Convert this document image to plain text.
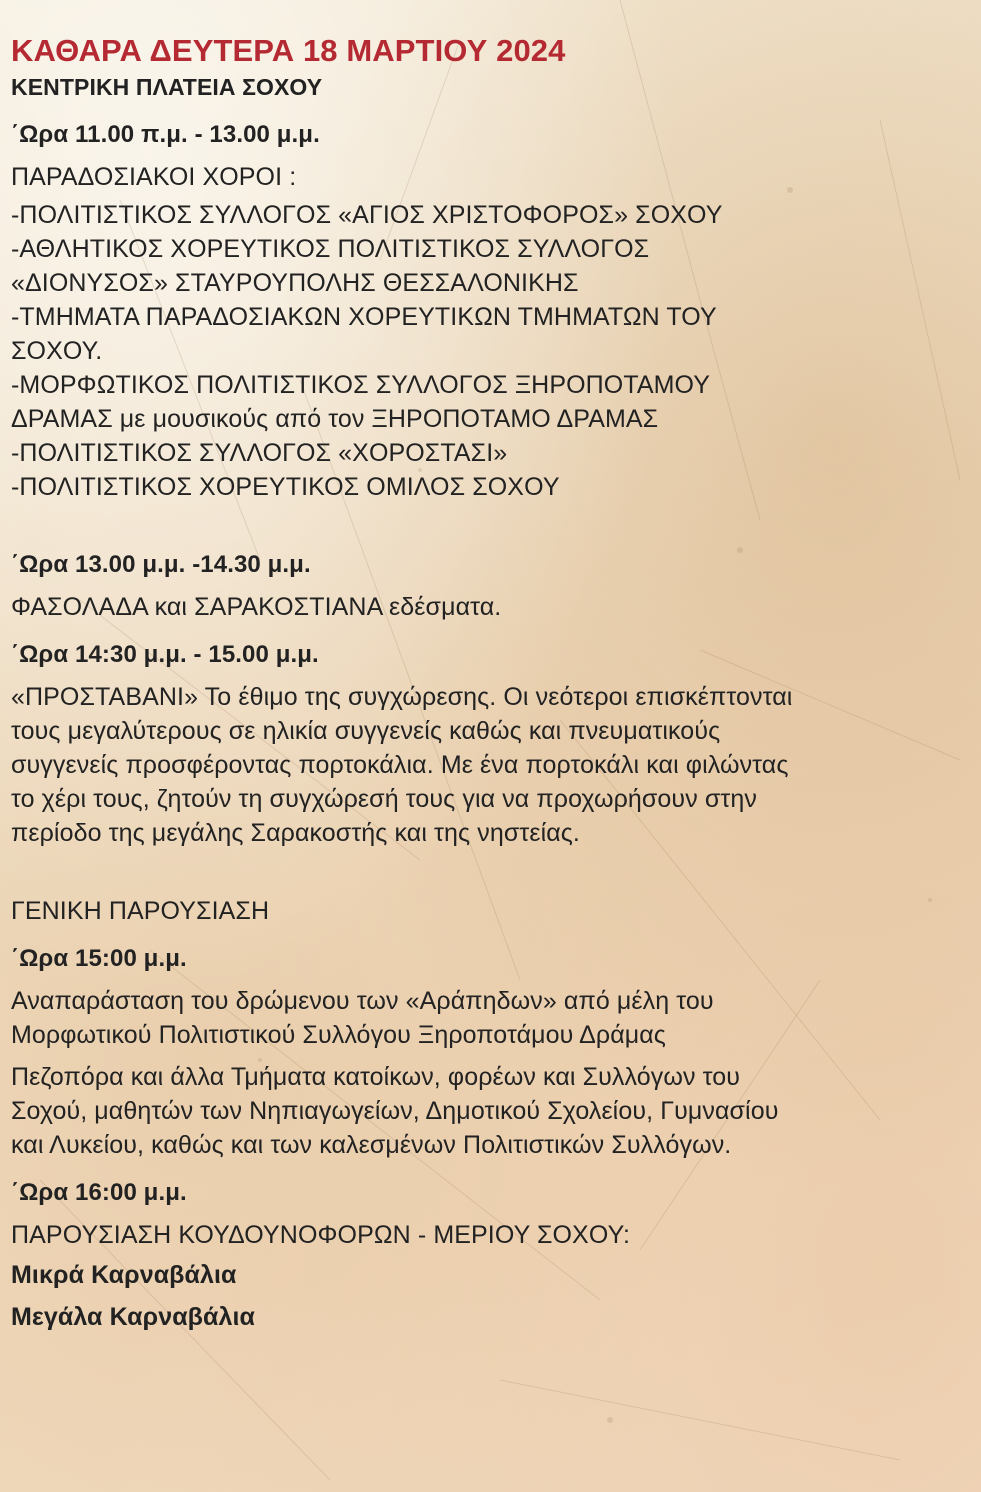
ΚΑΘΑΡΑ ΔΕΥΤΕΡΑ 18 ΜΑΡΤΙΟΥ 2024
ΚΕΝΤΡΙΚΗ ΠΛΑΤΕΙΑ ΣΟΧΟΥ
΄Ωρα 11.00 π.μ. - 13.00 μ.μ.
ΠΑΡΑΔΟΣΙΑΚΟΙ ΧΟΡΟΙ :
-ΠΟΛΙΤΙΣΤΙΚΟΣ ΣΥΛΛΟΓΟΣ «ΑΓΙΟΣ ΧΡΙΣΤΟΦΟΡΟΣ» ΣΟΧΟΥ
-ΑΘΛΗΤΙΚΟΣ ΧΟΡΕΥΤΙΚΟΣ ΠΟΛΙΤΙΣΤΙΚΟΣ ΣΥΛΛΟΓΟΣ
«ΔΙΟΝΥΣΟΣ» ΣΤΑΥΡΟΥΠΟΛΗΣ ΘΕΣΣΑΛΟΝΙΚΗΣ
-ΤΜΗΜΑΤΑ ΠΑΡΑΔΟΣΙΑΚΩΝ ΧΟΡΕΥΤΙΚΩΝ ΤΜΗΜΑΤΩΝ ΤΟΥ
ΣΟΧΟΥ.
-ΜΟΡΦΩΤΙΚΟΣ ΠΟΛΙΤΙΣΤΙΚΟΣ ΣΥΛΛΟΓΟΣ ΞΗΡΟΠΟΤΑΜΟΥ
ΔΡΑΜΑΣ με μουσικούς από τον ΞΗΡΟΠΟΤΑΜΟ ΔΡΑΜΑΣ
-ΠΟΛΙΤΙΣΤΙΚΟΣ ΣΥΛΛΟΓΟΣ «ΧΟΡΟΣΤΑΣΙ»
-ΠΟΛΙΤΙΣΤΙΚΟΣ ΧΟΡΕΥΤΙΚΟΣ ΟΜΙΛΟΣ ΣΟΧΟΥ
΄Ωρα 13.00 μ.μ. -14.30 μ.μ.
ΦΑΣΟΛΑΔΑ και ΣΑΡΑΚΟΣΤΙΑΝΑ εδέσματα.
΄Ωρα 14:30 μ.μ. - 15.00 μ.μ.
«ΠΡΟΣΤΑΒΑΝΙ» Το έθιμο της συγχώρεσης. Οι νεότεροι επισκέπτονται
τους μεγαλύτερους σε ηλικία συγγενείς καθώς και πνευματικούς
συγγενείς προσφέροντας πορτοκάλια. Με ένα πορτοκάλι και φιλώντας
το χέρι τους, ζητούν τη συγχώρεσή τους για να προχωρήσουν στην
περίοδο της μεγάλης Σαρακοστής και της νηστείας.
ΓΕΝΙΚΗ ΠΑΡΟΥΣΙΑΣΗ
΄Ωρα 15:00 μ.μ.
Αναπαράσταση του δρώμενου των «Αράπηδων» από μέλη του
Μορφωτικού Πολιτιστικού Συλλόγου Ξηροποτάμου Δράμας
Πεζοπόρα και άλλα Τμήματα κατοίκων, φορέων και Συλλόγων του
Σοχού, μαθητών των Νηπιαγωγείων, Δημοτικού Σχολείου, Γυμνασίου
και Λυκείου, καθώς και των καλεσμένων Πολιτιστικών Συλλόγων.
΄Ωρα 16:00 μ.μ.
ΠΑΡΟΥΣΙΑΣΗ ΚΟΥΔΟΥΝΟΦΟΡΩΝ - ΜΕΡΙΟΥ ΣΟΧΟΥ:
Μικρά Καρναβάλια
Μεγάλα Καρναβάλια
